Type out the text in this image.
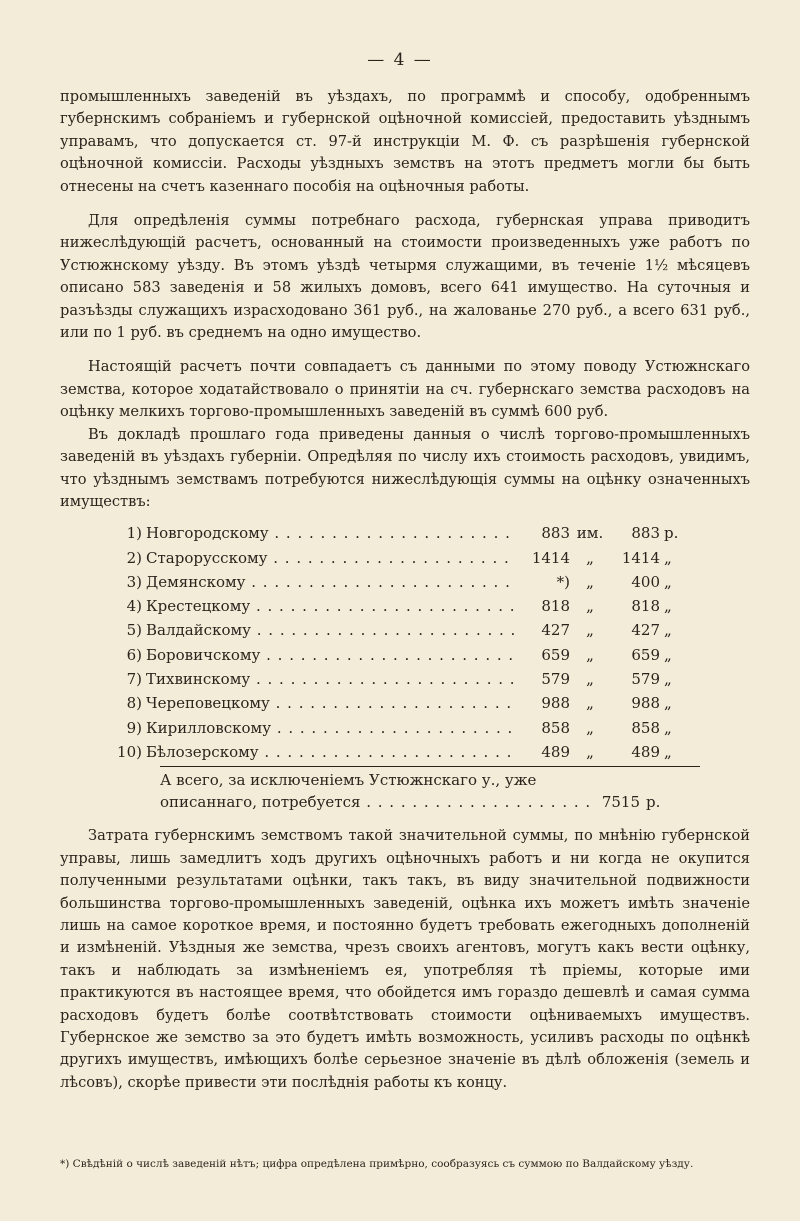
— 4 —

промышленныхъ заведеній въ уѣздахъ, по программѣ и способу, одобреннымъ губернскимъ собраніемъ и губернской оцѣночной комиссіей, предоставить уѣзднымъ управамъ, что допускается ст. 97-й инструкціи М. Ф. съ разрѣшенія губернской оцѣночной комиссіи. Расходы уѣздныхъ земствъ на этотъ предметъ могли бы быть отнесены на счетъ казеннаго пособія на оцѣночныя работы.

Для опредѣленія суммы потребнаго расхода, губернская управа приводитъ нижеслѣдующій расчетъ, основанный на стоимости произведенныхъ уже работъ по Устюжнскому уѣзду. Въ этомъ уѣздѣ четырмя служащими, въ теченіе 1½ мѣсяцевъ описано 583 заведенія и 58 жилыхъ домовъ, всего 641 имущество. На суточныя и разъѣзды служащихъ израсходовано 361 руб., на жалованье 270 руб., а всего 631 руб., или по 1 руб. въ среднемъ на одно имущество.

Настоящій расчетъ почти совпадаетъ съ данными по этому поводу Устюжнскаго земства, которое ходатайствовало о принятіи на сч. губернскаго земства расходовъ на оцѣнку мелкихъ торгово-промышленныхъ заведеній въ суммѣ 600 руб.

Въ докладѣ прошлаго года приведены данныя о числѣ торгово-промышленныхъ заведеній въ уѣздахъ губерніи. Опредѣляя по числу ихъ стоимость расходовъ, увидимъ, что уѣзднымъ земствамъ потребуются нижеслѣдующія суммы на оцѣнку означенныхъ имуществъ:

1) Новгородскому . . .	883 им.	883 р.
2) Старорусскому . . .	1414	„	1414 „
3) Демянскому . . .	*)	„	400 „
4) Крестецкому . . .	818	„	818 „
5) Валдайскому . . .	427	„	427 „
6) Боровичскому . . .	659	„	659 „
7) Тихвинскому . . .	579	„	579 „
8) Череповецкому . . .	988	„	988 „
9) Кирилловскому . . .	858	„	858 „
10) Бѣлозерскому . . .	489	„	489 „
А всего, за исключеніемъ Устюжнскаго у., уже
описаннаго, потребуется . . .	7515 р.

Затрата губернскимъ земствомъ такой значительной суммы, по мнѣнію губернской управы, лишь замедлитъ ходъ другихъ оцѣночныхъ работъ и ни когда не окупится полученными результатами оцѣнки, такъ такъ, въ виду значительной подвижности большинства торгово-промышленныхъ заведеній, оцѣнка ихъ можетъ имѣть значеніе лишь на самое короткое время, и постоянно будетъ требовать ежегодныхъ дополненій и измѣненій. Уѣздныя же земства, чрезъ своихъ агентовъ, могутъ какъ вести оцѣнку, такъ и наблюдать за измѣненіемъ ея, употребляя тѣ пріемы, которые ими практикуются въ настоящее время, что обойдется имъ гораздо дешевлѣ и самая сумма расходовъ будетъ болѣе соотвѣтствовать стоимости оцѣниваемыхъ имуществъ. Губернское же земство за это будетъ имѣть возможность, усиливъ расходы по оцѣнкѣ другихъ имуществъ, имѣющихъ болѣе серьезное значеніе въ дѣлѣ обложенія (земель и лѣсовъ), скорѣе привести эти послѣднія работы къ концу.

*) Свѣдѣній о числѣ заведеній нѣтъ; цифра опредѣлена примѣрно, сообразуясь съ суммою по Валдайскому уѣзду.
